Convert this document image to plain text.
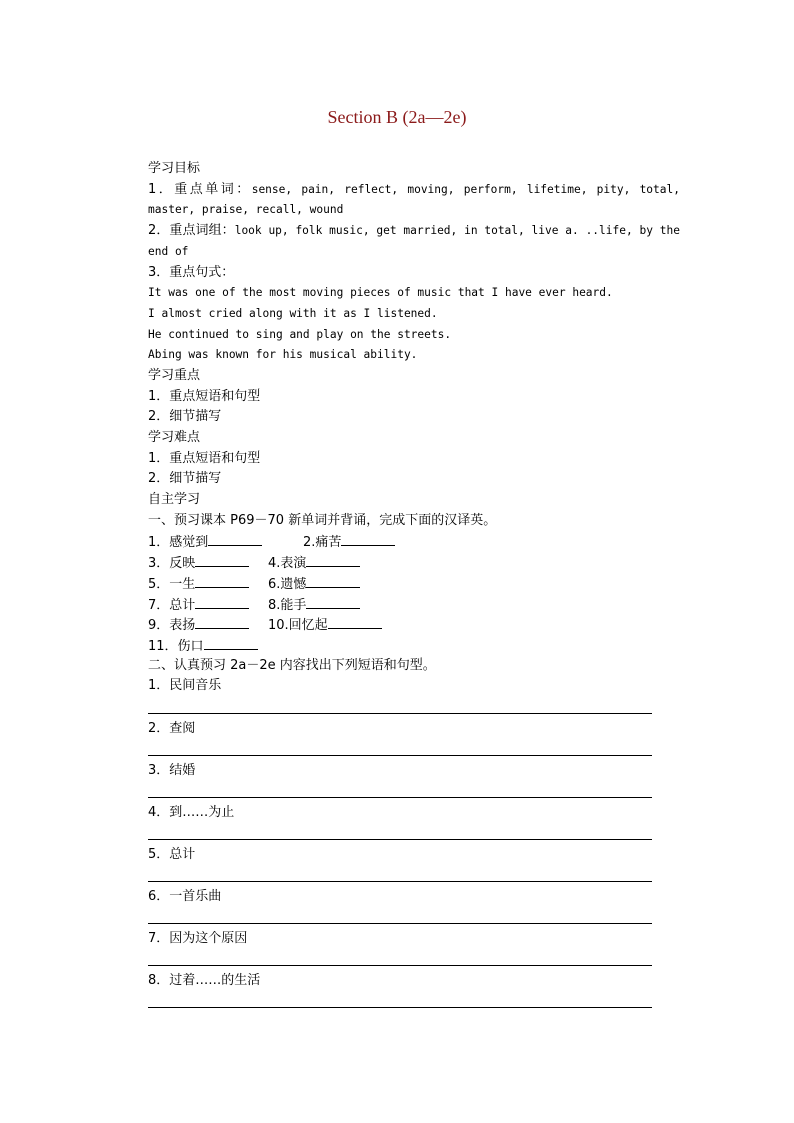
Section B (2a—2e)
学习目标
1．重点单词：sense, pain, reflect, moving, perform, lifetime, pity, total, master, praise, recall, wound
2．重点词组：look up, folk music, get married, in total, live a. ..life, by the end of
3．重点句式：
It was one of the most moving pieces of music that I have ever heard.
I almost cried along with it as I listened.
He continued to sing and play on the streets.
Abing was known for his musical ability.
学习重点
1．重点短语和句型
2．细节描写
学习难点
1．重点短语和句型
2．细节描写
自主学习
一、预习课本 P69－70 新单词并背诵，完成下面的汉译英。
1．感觉到	2.痛苦
3．反映	4.表演
5．一生	6.遗憾
7．总计	8.能手
9．表扬	10.回忆起
11．伤口
二、认真预习 2a－2e 内容找出下列短语和句型。
1．民间音乐
2．查阅
3．结婚
4．到……为止
5．总计
6．一首乐曲
7．因为这个原因
8．过着……的生活
